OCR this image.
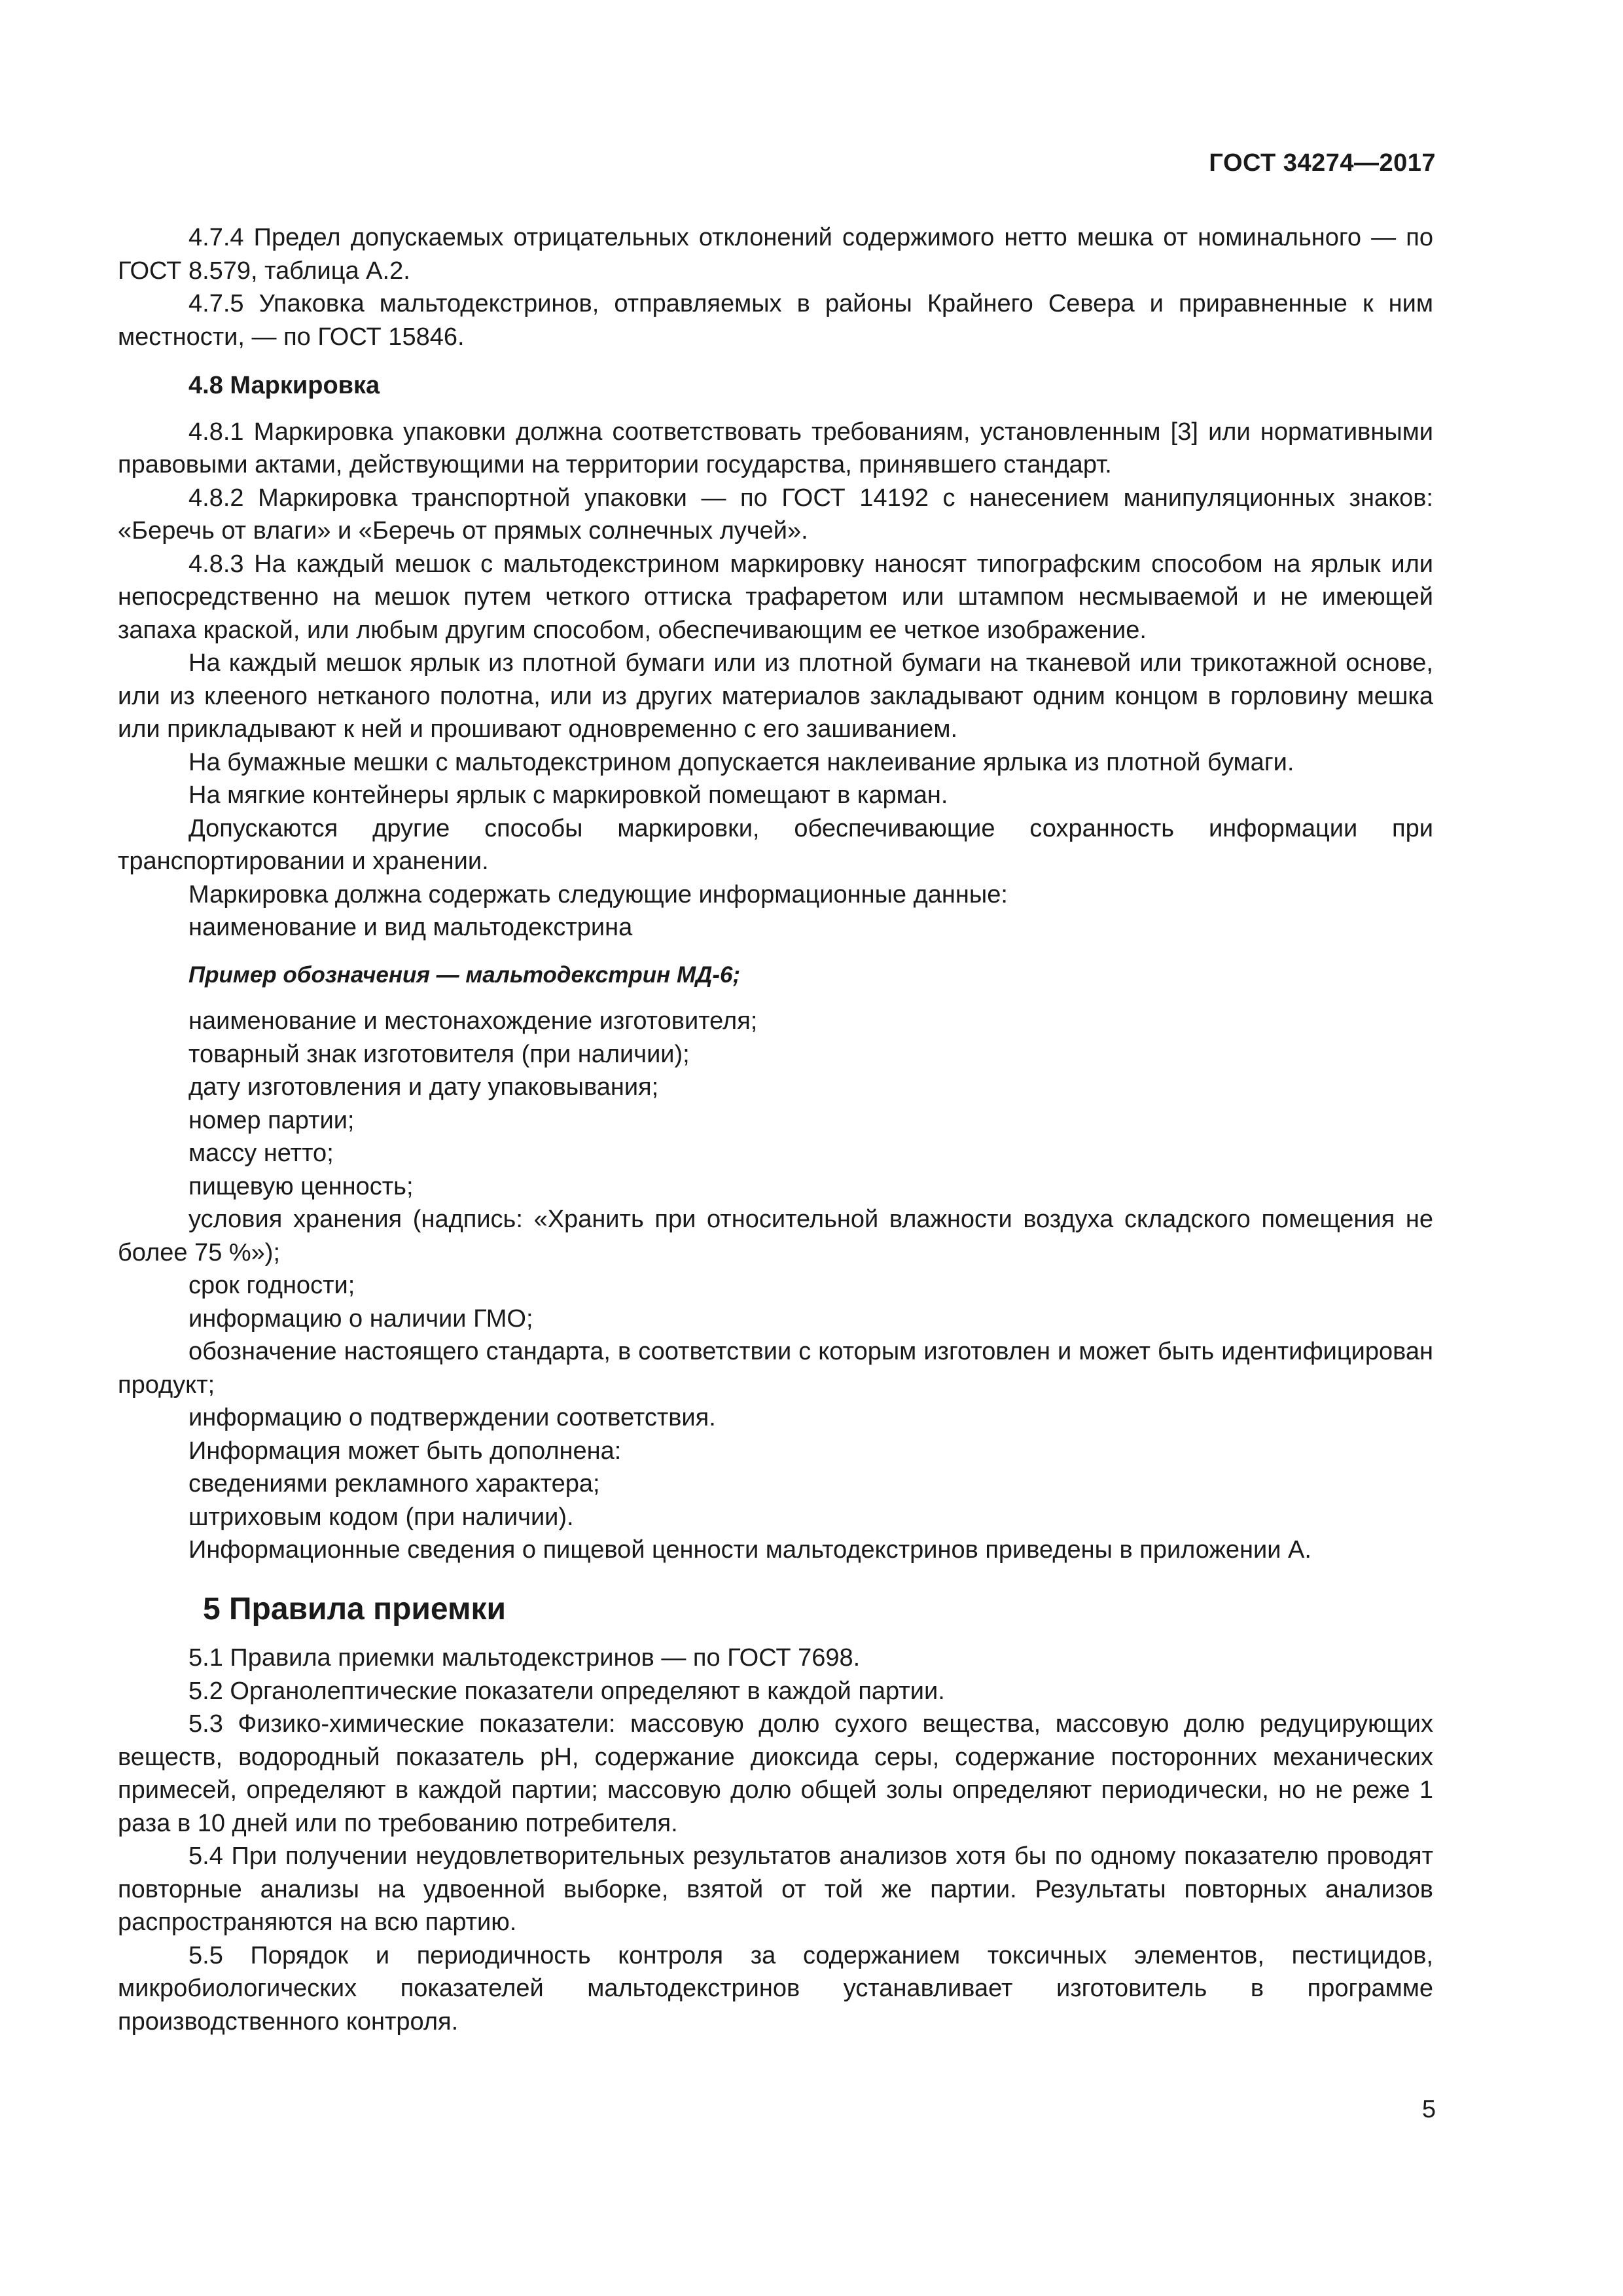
ГОСТ 34274—2017

4.7.4 Предел допускаемых отрицательных отклонений содержимого нетто мешка от номинального — по ГОСТ 8.579, таблица А.2.

4.7.5 Упаковка мальтодекстринов, отправляемых в районы Крайнего Севера и приравненные к ним местности, — по ГОСТ 15846.

4.8 Маркировка

4.8.1 Маркировка упаковки должна соответствовать требованиям, установленным [3] или нормативными правовыми актами, действующими на территории государства, принявшего стандарт.

4.8.2 Маркировка транспортной упаковки — по ГОСТ 14192 с нанесением манипуляционных знаков: «Беречь от влаги» и «Беречь от прямых солнечных лучей».

4.8.3 На каждый мешок с мальтодекстрином маркировку наносят типографским способом на ярлык или непосредственно на мешок путем четкого оттиска трафаретом или штампом несмываемой и не имеющей запаха краской, или любым другим способом, обеспечивающим ее четкое изображение.

На каждый мешок ярлык из плотной бумаги или из плотной бумаги на тканевой или трикотажной основе, или из клееного нетканого полотна, или из других материалов закладывают одним концом в горловину мешка или прикладывают к ней и прошивают одновременно с его зашиванием.

На бумажные мешки с мальтодекстрином допускается наклеивание ярлыка из плотной бумаги.

На мягкие контейнеры ярлык с маркировкой помещают в карман.

Допускаются другие способы маркировки, обеспечивающие сохранность информации при транспортировании и хранении.

Маркировка должна содержать следующие информационные данные:

наименование и вид мальтодекстрина

Пример обозначения — мальтодекстрин МД-6;

наименование и местонахождение изготовителя;

товарный знак изготовителя (при наличии);

дату изготовления и дату упаковывания;

номер партии;

массу нетто;

пищевую ценность;

условия хранения (надпись: «Хранить при относительной влажности воздуха складского помещения не более 75 %»);

срок годности;

информацию о наличии ГМО;

обозначение настоящего стандарта, в соответствии с которым изготовлен и может быть идентифицирован продукт;

информацию о подтверждении соответствия.

Информация может быть дополнена:

сведениями рекламного характера;

штриховым кодом (при наличии).

Информационные сведения о пищевой ценности мальтодекстринов приведены в приложении А.

5 Правила приемки

5.1 Правила приемки мальтодекстринов — по ГОСТ 7698.

5.2 Органолептические показатели определяют в каждой партии.

5.3 Физико-химические показатели: массовую долю сухого вещества, массовую долю редуцирующих веществ, водородный показатель рН, содержание диоксида серы, содержание посторонних механических примесей, определяют в каждой партии; массовую долю общей золы определяют периодически, но не реже 1 раза в 10 дней или по требованию потребителя.

5.4 При получении неудовлетворительных результатов анализов хотя бы по одному показателю проводят повторные анализы на удвоенной выборке, взятой от той же партии. Результаты повторных анализов распространяются на всю партию.

5.5 Порядок и периодичность контроля за содержанием токсичных элементов, пестицидов, микробиологических показателей мальтодекстринов устанавливает изготовитель в программе производственного контроля.

5
